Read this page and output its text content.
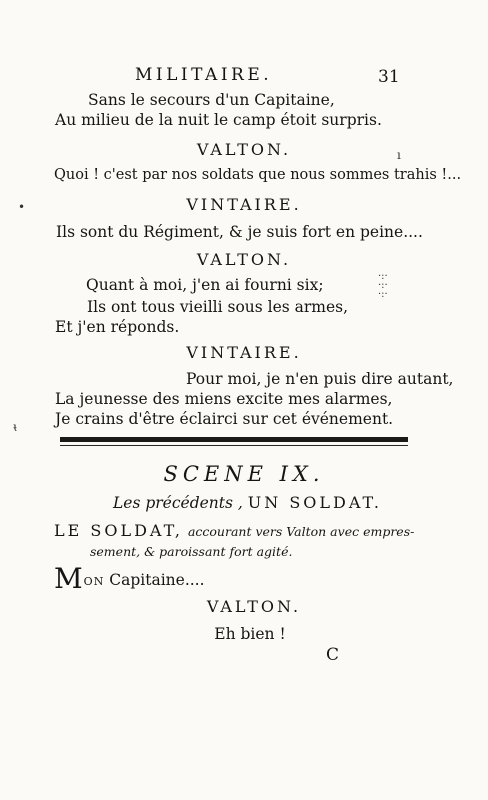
MILITAIRE.	31
Sans le secours d'un Capitaine,
Au milieu de la nuit le camp étoit surpris.
VALTON.
Quoi ! c'est par nos soldats que nous sommes trahis !...
VINTAIRE.
Ils sont du Régiment, & je suis fort en peine....
VALTON.
Quant à moi, j'en ai fourni six;
Ils ont tous vieilli sous les armes,
Et j'en réponds.
VINTAIRE.
Pour moi, je n'en puis dire autant,
La jeunesse des miens excite mes alarmes,
Je crains d'être éclairci sur cet événement.
SCENE IX.
Les précédents , UN SOLDAT.
LE SOLDAT, accourant vers Valton avec empres-
sement, & paroissant fort agité.
MON Capitaine....
VALTON.
Eh bien !
C
•
ᵼ
ı
·:·
·:·
·:·
